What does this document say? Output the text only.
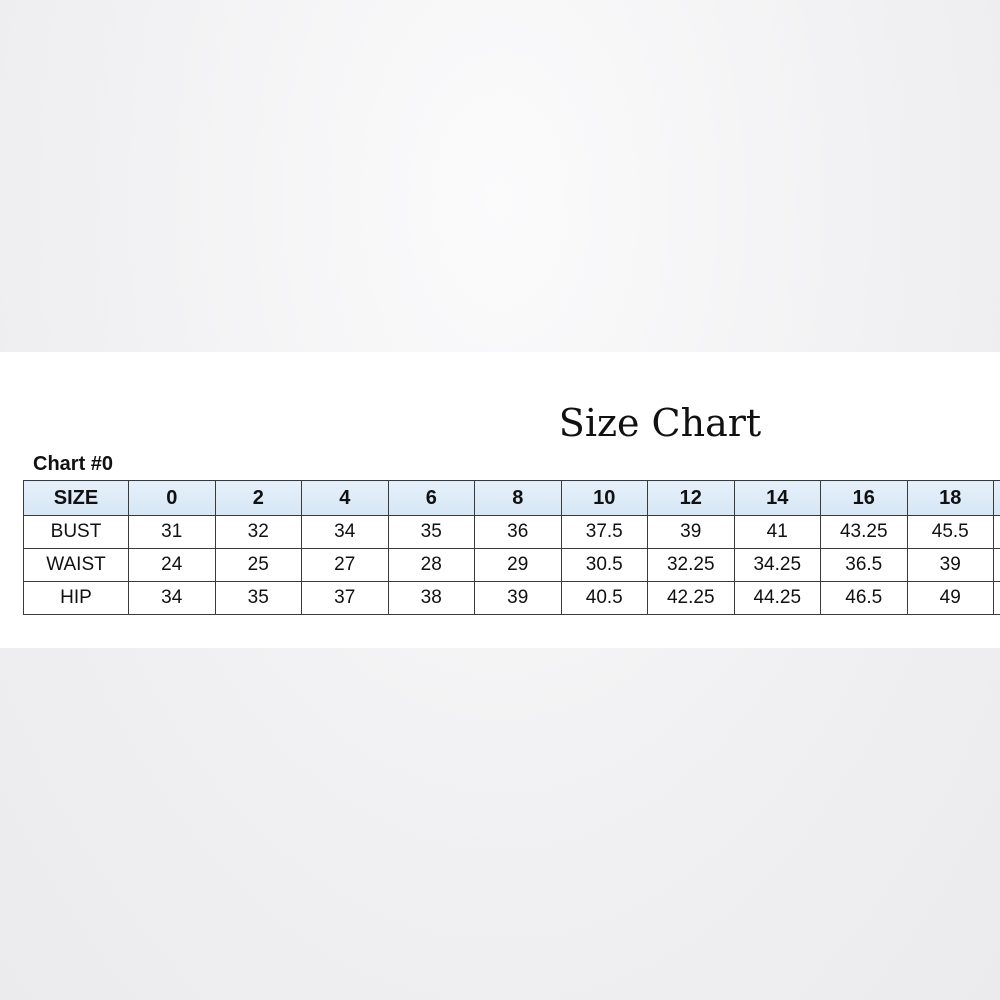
Size Chart
Chart #0
SIZE	0	2	4	6	8	10	12	14	16	18	
BUST	31	32	34	35	36	37.5	39	41	43.25	45.5	
WAIST	24	25	27	28	29	30.5	32.25	34.25	36.5	39	
HIP	34	35	37	38	39	40.5	42.25	44.25	46.5	49	
